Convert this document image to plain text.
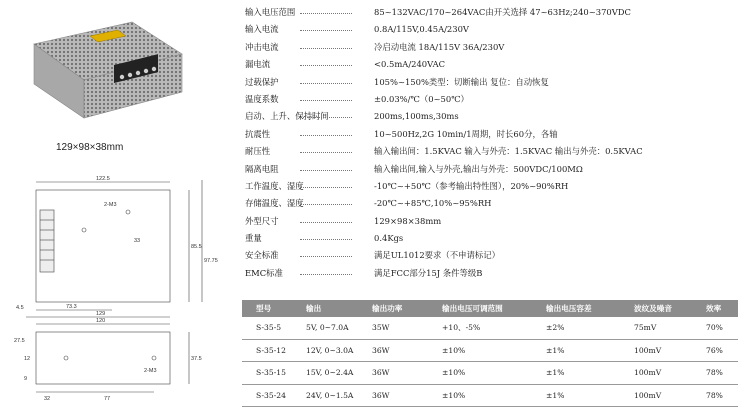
129×98×38mm
122.5
2-M3
85.5
97.75
33
4.5	73.3
129
120
37.5
2-M3
12
9
32	77
27.5
输入电压范围	85~132VAC/170~264VAC由开关选择 47~63Hz;240~370VDC
输入电流	0.8A/115V,0.45A/230V
冲击电流	冷启动电流 18A/115V 36A/230V
漏电流	<0.5mA/240VAC
过载保护	105%~150%类型：切断输出 复位：自动恢复
温度系数	±0.03%/℃（0~50℃）
启动、上升、保持时间	200ms,100ms,30ms
抗震性	10~500Hz,2G 10min/1周期，时长60分，各轴
耐压性	输入输出间：1.5KVAC 输入与外壳：1.5KVAC 输出与外壳：0.5KVAC
隔离电阻	输入输出间,输入与外壳,输出与外壳：500VDC/100MΩ
工作温度、湿度	-10℃~+50℃（参考输出特性图），20%~90%RH
存储温度、湿度	-20℃~+85℃,10%~95%RH
外型尺寸	129×98×38mm
重量	0.4Kgs
安全标准	满足UL1012要求（不申请标记）
EMC标准	满足FCC部分15J 条件等级B
型号	输出	输出功率	输出电压可调范围	输出电压容差	波纹及噪音	效率
S-35-5	5V, 0~7.0A	35W	+10、-5%	±2%	75mV	70%
S-35-12	12V, 0~3.0A 36W	±10%	±1%	100mV	76%
S-35-15	15V, 0~2.4A 36W	±10%	±1%	100mV	78%
S-35-24	24V, 0~1.5A 36W	±10%	±1%	100mV	78%
